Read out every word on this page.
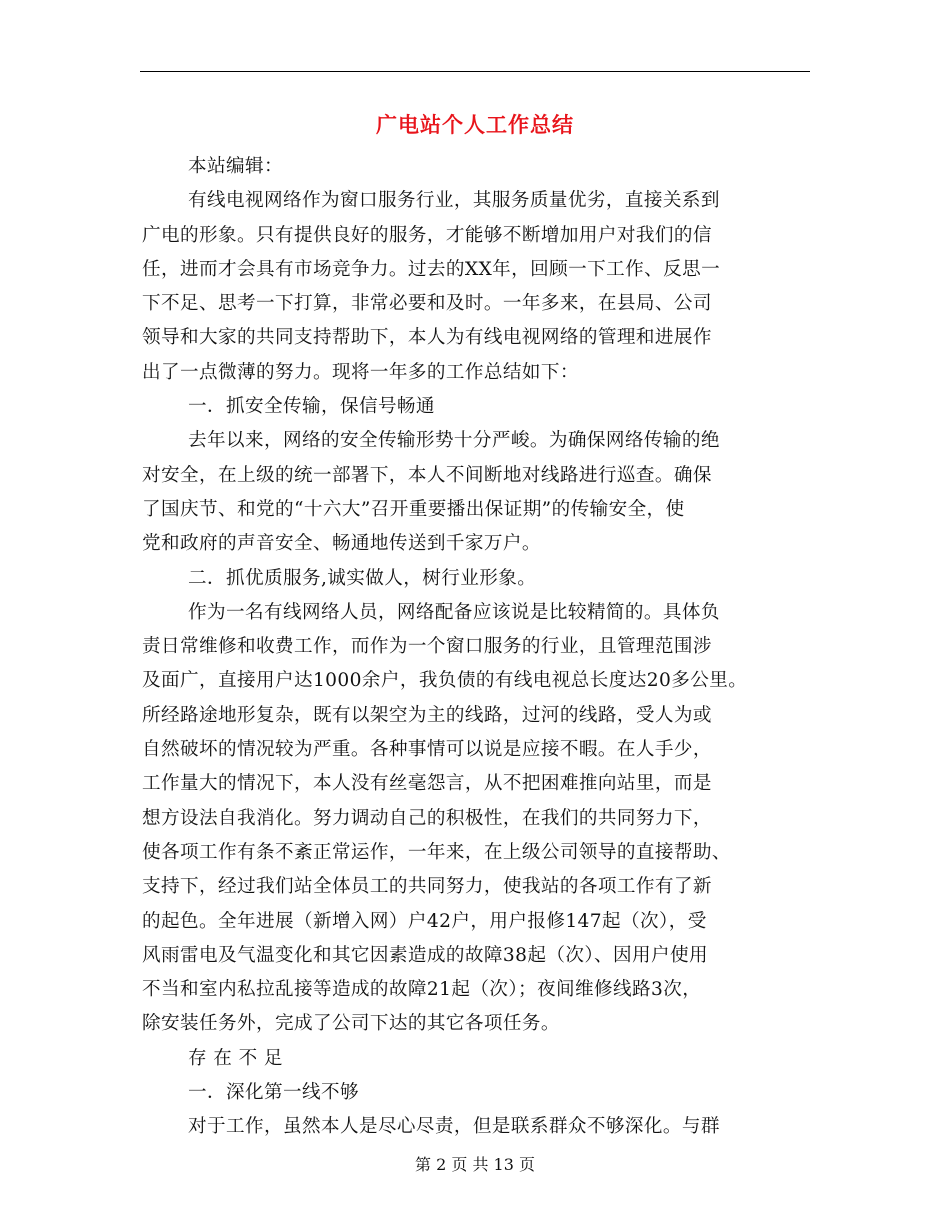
广电站个人工作总结
本站编辑：
有线电视网络作为窗口服务行业，其服务质量优劣，直接关系到
广电的形象。只有提供良好的服务，才能够不断增加用户对我们的信
任，进而才会具有市场竞争力。过去的XX年，回顾一下工作、反思一
下不足、思考一下打算，非常必要和及时。一年多来，在县局、公司
领导和大家的共同支持帮助下，本人为有线电视网络的管理和进展作
出了一点微薄的努力。现将一年多的工作总结如下：
一．抓安全传输，保信号畅通
去年以来，网络的安全传输形势十分严峻。为确保网络传输的绝
对安全，在上级的统一部署下，本人不间断地对线路进行巡查。确保
了国庆节、和党的“十六大”召开重要播出保证期”的传输安全，使
党和政府的声音安全、畅通地传送到千家万户。
二．抓优质服务,诚实做人，树行业形象。
作为一名有线网络人员，网络配备应该说是比较精简的。具体负
责日常维修和收费工作，而作为一个窗口服务的行业，且管理范围涉
及面广，直接用户达1000余户，我负债的有线电视总长度达20多公里。
所经路途地形复杂，既有以架空为主的线路，过河的线路，受人为或
自然破坏的情况较为严重。各种事情可以说是应接不暇。在人手少，
工作量大的情况下，本人没有丝毫怨言，从不把困难推向站里，而是
想方设法自我消化。努力调动自己的积极性，在我们的共同努力下，
使各项工作有条不紊正常运作，一年来，在上级公司领导的直接帮助、
支持下，经过我们站全体员工的共同努力，使我站的各项工作有了新
的起色。全年进展（新增入网）户42户，用户报修147起（次），受
风雨雷电及气温变化和其它因素造成的故障38起（次）、因用户使用
不当和室内私拉乱接等造成的故障21起（次）；夜间维修线路3次，
除安装任务外，完成了公司下达的其它各项任务。
存 在 不 足
一．深化第一线不够
对于工作，虽然本人是尽心尽责，但是联系群众不够深化。与群
第 2 页 共 13 页
